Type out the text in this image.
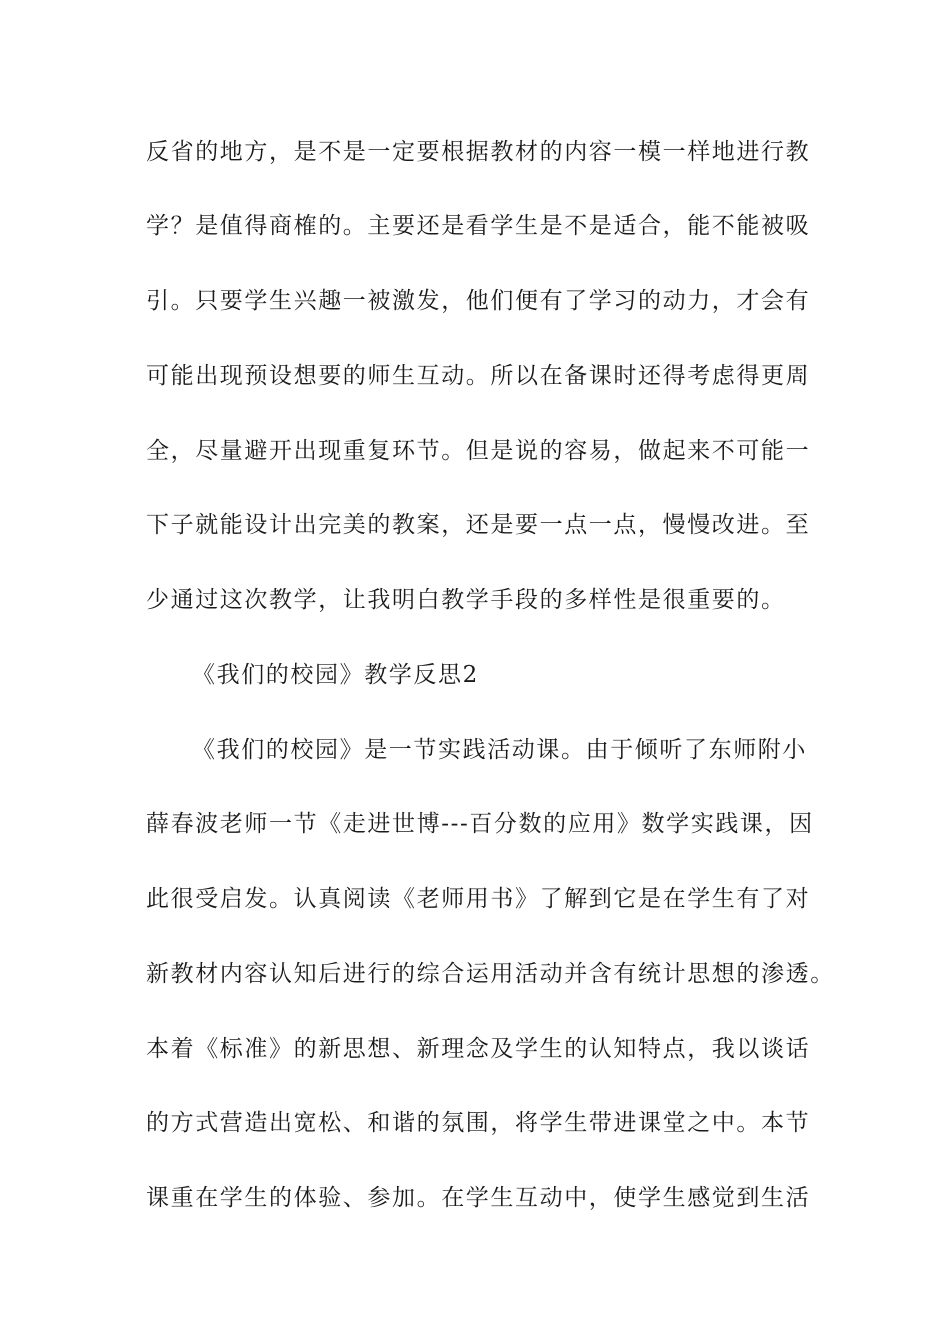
反省的地方，是不是一定要根据教材的内容一模一样地进行教
学？是值得商榷的。主要还是看学生是不是适合，能不能被吸
引。只要学生兴趣一被激发，他们便有了学习的动力，才会有
可能出现预设想要的师生互动。所以在备课时还得考虑得更周
全，尽量避开出现重复环节。但是说的容易，做起来不可能一
下子就能设计出完美的教案，还是要一点一点，慢慢改进。至
少通过这次教学，让我明白教学手段的多样性是很重要的。
《我们的校园》教学反思2
《我们的校园》是一节实践活动课。由于倾听了东师附小
薛春波老师一节《走进世博---百分数的应用》数学实践课，因
此很受启发。认真阅读《老师用书》了解到它是在学生有了对
新教材内容认知后进行的综合运用活动并含有统计思想的渗透。
本着《标准》的新思想、新理念及学生的认知特点，我以谈话
的方式营造出宽松、和谐的氛围，将学生带进课堂之中。本节
课重在学生的体验、参加。在学生互动中，使学生感觉到生活
